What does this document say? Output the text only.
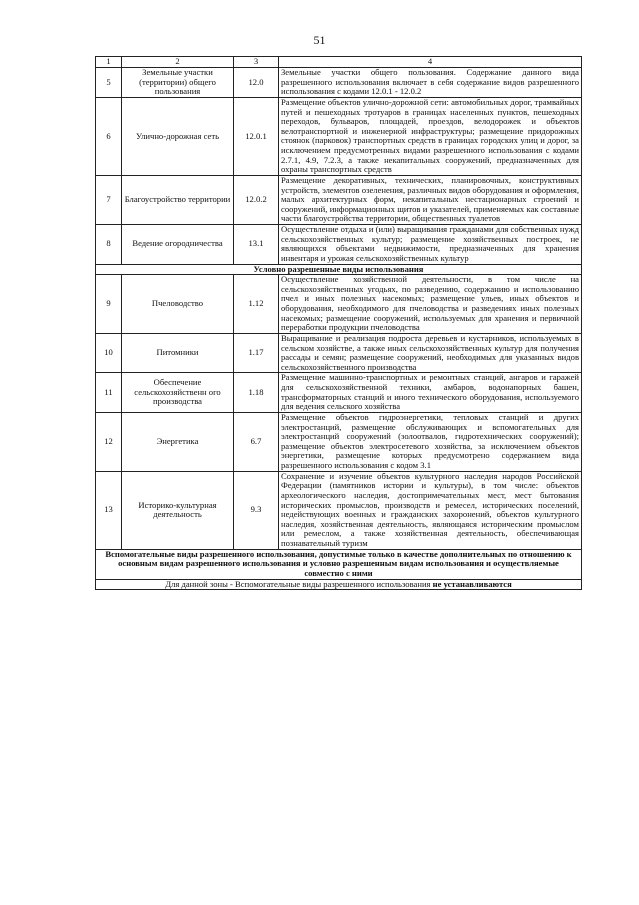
51
1	2	3	4
5	Земельные участки (территории) общего пользования	12.0	Земельные участки общего пользования. Содержание данного вида разрешенного использования включает в себя содержание видов разрешенного использования с кодами 12.0.1 - 12.0.2
6	Улично-дорожная сеть	12.0.1	Размещение объектов улично-дорожной сети: автомобильных дорог, трамвайных путей и пешеходных тротуаров в границах населенных пунктов, пешеходных переходов, бульваров, площадей, проездов, велодорожек и объектов велотранспортной и инженерной инфраструктуры; размещение придорожных стоянок (парковок) транспортных средств в границах городских улиц и дорог, за исключением предусмотренных видами разрешенного использования с кодами 2.7.1, 4.9, 7.2.3, а также некапитальных сооружений, предназначенных для охраны транспортных средств
7	Благоустройство территории	12.0.2	Размещение декоративных, технических, планировочных, конструктивных устройств, элементов озеленения, различных видов оборудования и оформления, малых архитектурных форм, некапитальных нестационарных строений и сооружений, информационных щитов и указателей, применяемых как составные части благоустройства территории, общественных туалетов
8	Ведение огородничества	13.1	Осуществление отдыха и (или) выращивания гражданами для собственных нужд сельскохозяйственных культур; размещение хозяйственных построек, не являющихся объектами недвижимости, предназначенных для хранения инвентаря и урожая сельскохозяйственных культур
Условно разрешенные виды использования			
9	Пчеловодство	1.12	Осуществление хозяйственной деятельности, в том числе на сельскохозяйственных угодьях, по разведению, содержанию и использованию пчел и иных полезных насекомых; размещение ульев, иных объектов и оборудования, необходимого для пчеловодства и разведениях иных полезных насекомых; размещение сооружений, используемых для хранения и первичной переработки продукции пчеловодства
10	Питомники	1.17	Выращивание и реализация подроста деревьев и кустарников, используемых в сельском хозяйстве, а также иных сельскохозяйственных культур для получения рассады и семян; размещение сооружений, необходимых для указанных видов сельскохозяйственного производства
11	Обеспечение сельскохозяйственн ого производства	1.18	Размещение машинно-транспортных и ремонтных станций, ангаров и гаражей для сельскохозяйственной техники, амбаров, водонапорных башен, трансформаторных станций и иного технического оборудования, используемого для ведения сельского хозяйства
12	Энергетика	6.7	Размещение объектов гидроэнергетики, тепловых станций и других электростанций, размещение обслуживающих и вспомогательных для электростанций сооружений (золоотвалов, гидротехнических сооружений); размещение объектов электросетевого хозяйства, за исключением объектов энергетики, размещение которых предусмотрено содержанием вида разрешенного использования с кодом 3.1
13	Историко-культурная деятельность	9.3	Сохранение и изучение объектов культурного наследия народов Российской Федерации (памятников истории и культуры), в том числе: объектов археологического наследия, достопримечательных мест, мест бытования исторических промыслов, производств и ремесел, исторических поселений, недействующих военных и гражданских захоронений, объектов культурного наследия, хозяйственная деятельность, являющаяся историческим промыслом или ремеслом, а также хозяйственная деятельность, обеспечивающая познавательный туризм
Вспомогательные виды разрешенного использования, допустимые только в качестве дополнительных по отношению к основным видам разрешенного использования и условно разрешенным видам использования и осуществляемые совместно с ними			
Для данной зоны - Вспомогательные виды разрешенного использования не устанавливаются			
